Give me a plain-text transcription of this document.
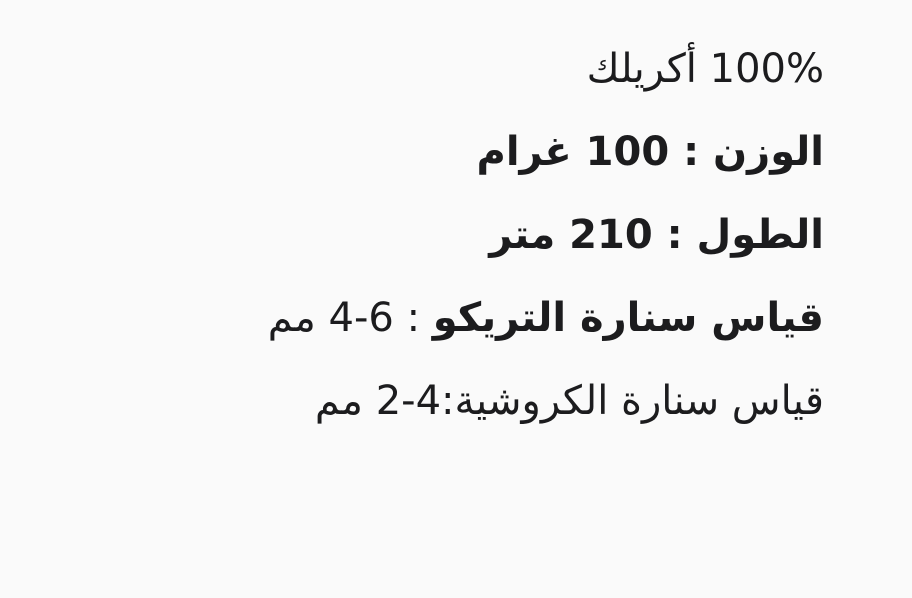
100% أكريلك
الوزن : 100 غرام
الطول : 210 متر
قياس سنارة التريكو : 6-4 مم
قياس سنارة الكروشية:4-2 مم
